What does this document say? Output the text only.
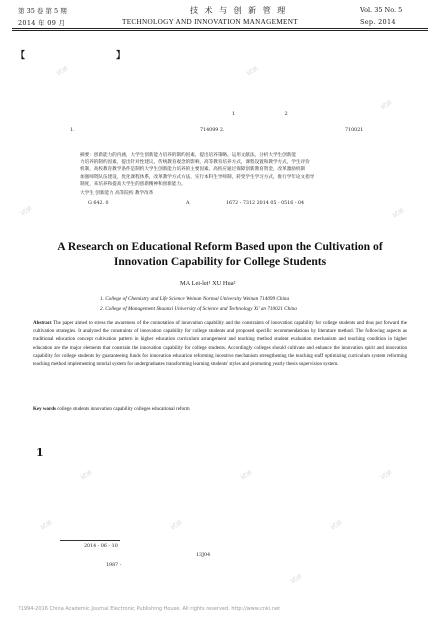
第 35 卷 第 5 期	技 术 与 创 新 管 理	Vol. 35 No. 5
2014 年 09 月	TECHNOLOGY AND INNOVATION MANAGEMENT	Sep. 2014
【 】
1 2
1.	714099 2.	710021
摘要：创新能力的内涵，大学生创新能力培养的制约因素，提出培养策略。运用文献法，分析大学生创新能
力培养的制约因素，提出针对性建议。传统教育观念的影响，高等教育培养方式，课程设置和教学方式，学生评价
机制，高校教育教学条件是制约大学生创新能力培养的主要因素。高校应通过保障创新教育资金，改革激励机制
加强师资队伍建设，优化课程体系，改革教学方式方法，实行本科生导师制，转变学生学习方式，推行学年论文指导
制度，来培养和提高大学生的创新精神和创新能力。
大学生 创新能力 高等院校 教学改革
G 642. 0	A	1672 - 7312 2014 05 - 0516 - 04
A Research on Educational Reform Based upon the Cultivation of Innovation Capability for College Students
MA Lei-lei¹ XU Hua²
1. College of Chemistry and Life Science Weinan Normal University Weinan 714099 China
2. College of Management Shaanxi University of Science and Technology Xi' an 710021 China
Abstract The paper aimed to stress the awareness of the connotation of innovation capability and the constraints of innovation capability for college students and thus put forward the cultivation strategies. It analyzed the constraints of innovation capability for college students and proposed specific recommendations by literature method. The following aspects as traditional education concept cultivation pattern in higher education curriculum arrangement and teaching method student evaluation mechanism and teaching condition in higher education are the major elements that constrain the innovation capability for college students. Accordingly colleges should cultivate and enhance the innovation spirit and innovation capability for college students by guaranteeing funds for innovation education reforming incentive mechanism strengthening the teaching staff optimizing curriculum system reforming teaching method implementing tutorial system for undergraduates transforming learning students' styles and promoting yearly thesis supervision system.
Key words college students innovation capability colleges educational reform
1
2014 - 06 - 10
13J04
1987 -
试读	试读
试读
试读	试读
试读	试读	试读
试读	试读	试读
试读
?1994-2016 China Academic Journal Electronic Publishing House. All rights reserved. http://www.cnki.net
